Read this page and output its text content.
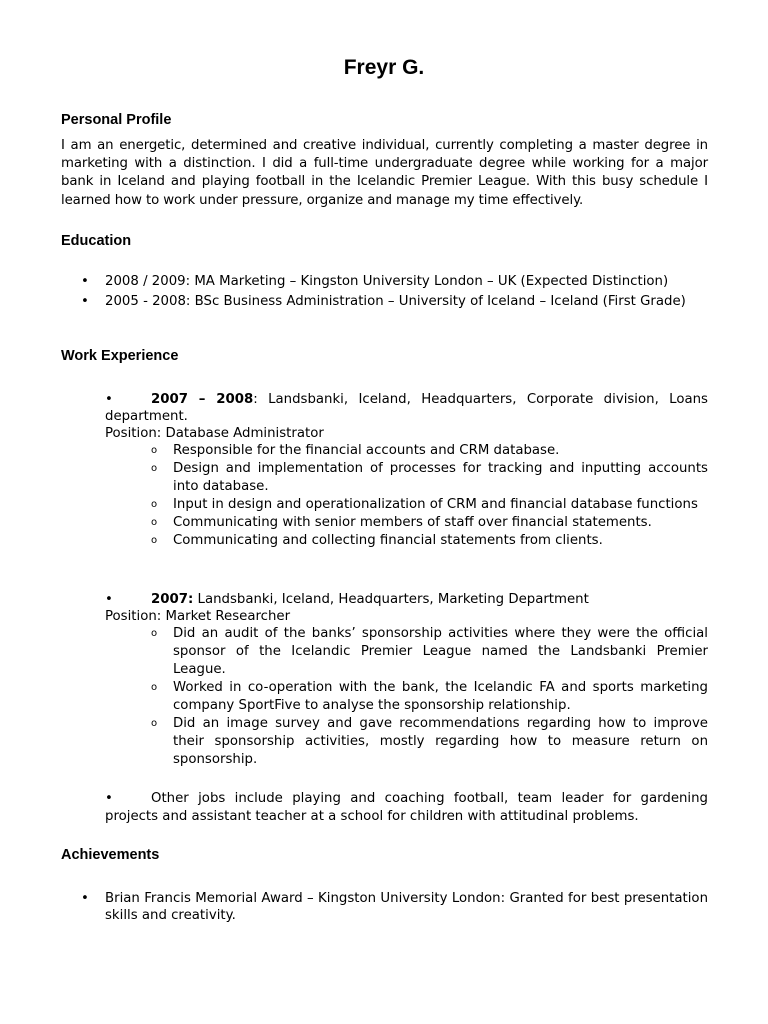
Freyr G.
Personal Profile
I am an energetic, determined and creative individual, currently completing a master degree in marketing with a distinction. I did a full-time undergraduate degree while working for a major bank in Iceland and playing football in the Icelandic Premier League. With this busy schedule I learned how to work under pressure, organize and manage my time effectively.
Education
• 2008 / 2009: MA Marketing – Kingston University London – UK (Expected Distinction)
• 2005 - 2008: BSc Business Administration – University of Iceland – Iceland (First Grade)
Work Experience
•	2007 – 2008: Landsbanki, Iceland, Headquarters, Corporate division, Loans department.
Position: Database Administrator
o Responsible for the financial accounts and CRM database.
o Design and implementation of processes for tracking and inputting accounts into database.
o Input in design and operationalization of CRM and financial database functions
o Communicating with senior members of staff over financial statements.
o Communicating and collecting financial statements from clients.
•	2007: Landsbanki, Iceland, Headquarters, Marketing Department
Position: Market Researcher
o Did an audit of the banks’ sponsorship activities where they were the official sponsor of the Icelandic Premier League named the Landsbanki Premier League.
o Worked in co-operation with the bank, the Icelandic FA and sports marketing company SportFive to analyse the sponsorship relationship.
o Did an image survey and gave recommendations regarding how to improve their sponsorship activities, mostly regarding how to measure return on sponsorship.
•	Other jobs include playing and coaching football, team leader for gardening projects and assistant teacher at a school for children with attitudinal problems.
Achievements
• Brian Francis Memorial Award – Kingston University London: Granted for best presentation skills and creativity.
